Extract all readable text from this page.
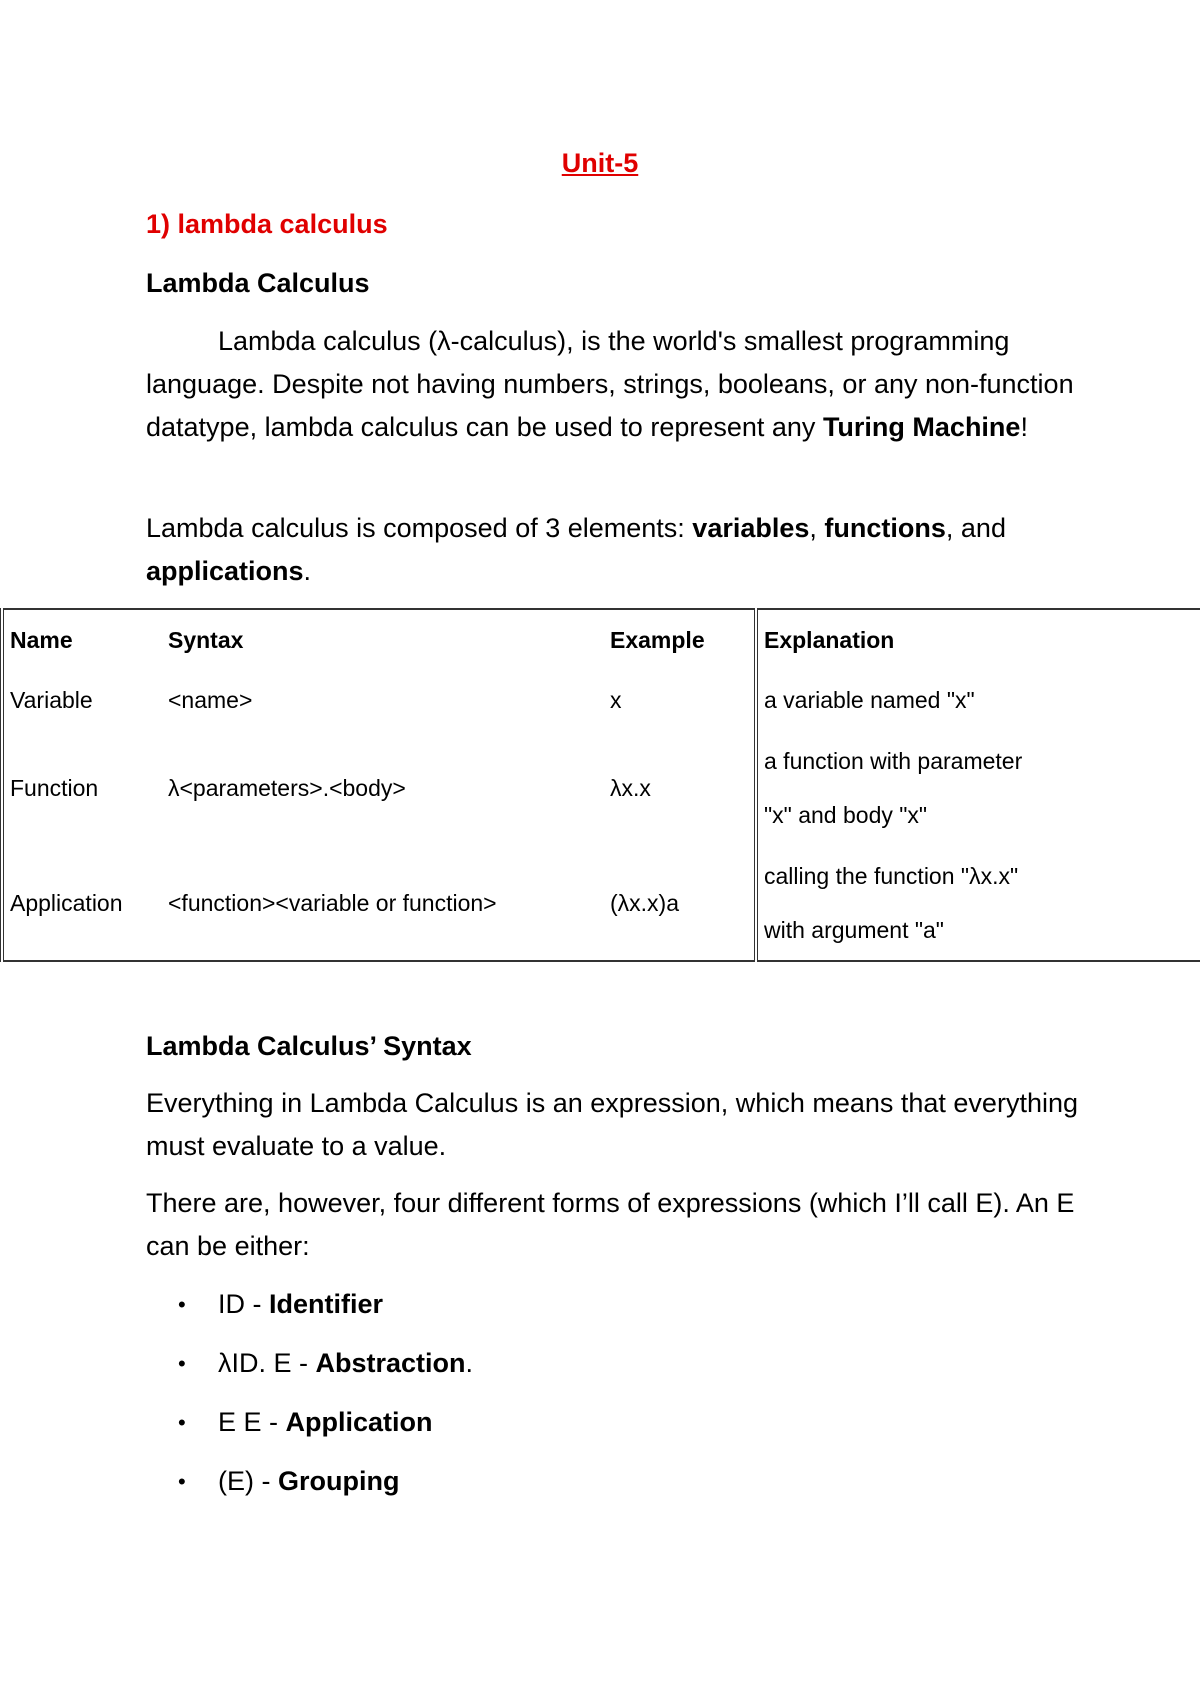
Unit-5
1) lambda calculus
Lambda Calculus
Lambda calculus (λ-calculus), is the world's smallest programming language. Despite not having numbers, strings, booleans, or any non-function datatype, lambda calculus can be used to represent any Turing Machine!
Lambda calculus is composed of 3 elements: variables, functions, and applications.
Name	Syntax	Example	Explanation
Variable	<name>	x	a variable named "x"
Function	λ<parameters>.<body>	λx.x	a function with parameter
"x" and body "x"

Application	<function><variable or function>	(λx.x)a	calling the function "λx.x"
with argument "a"
Lambda Calculus’ Syntax
Everything in Lambda Calculus is an expression, which means that everything must evaluate to a value.
There are, however, four different forms of expressions (which I’ll call E). An E can be either:
• ID - Identifier
• λID. E - Abstraction.
• E E - Application
• (E) - Grouping
